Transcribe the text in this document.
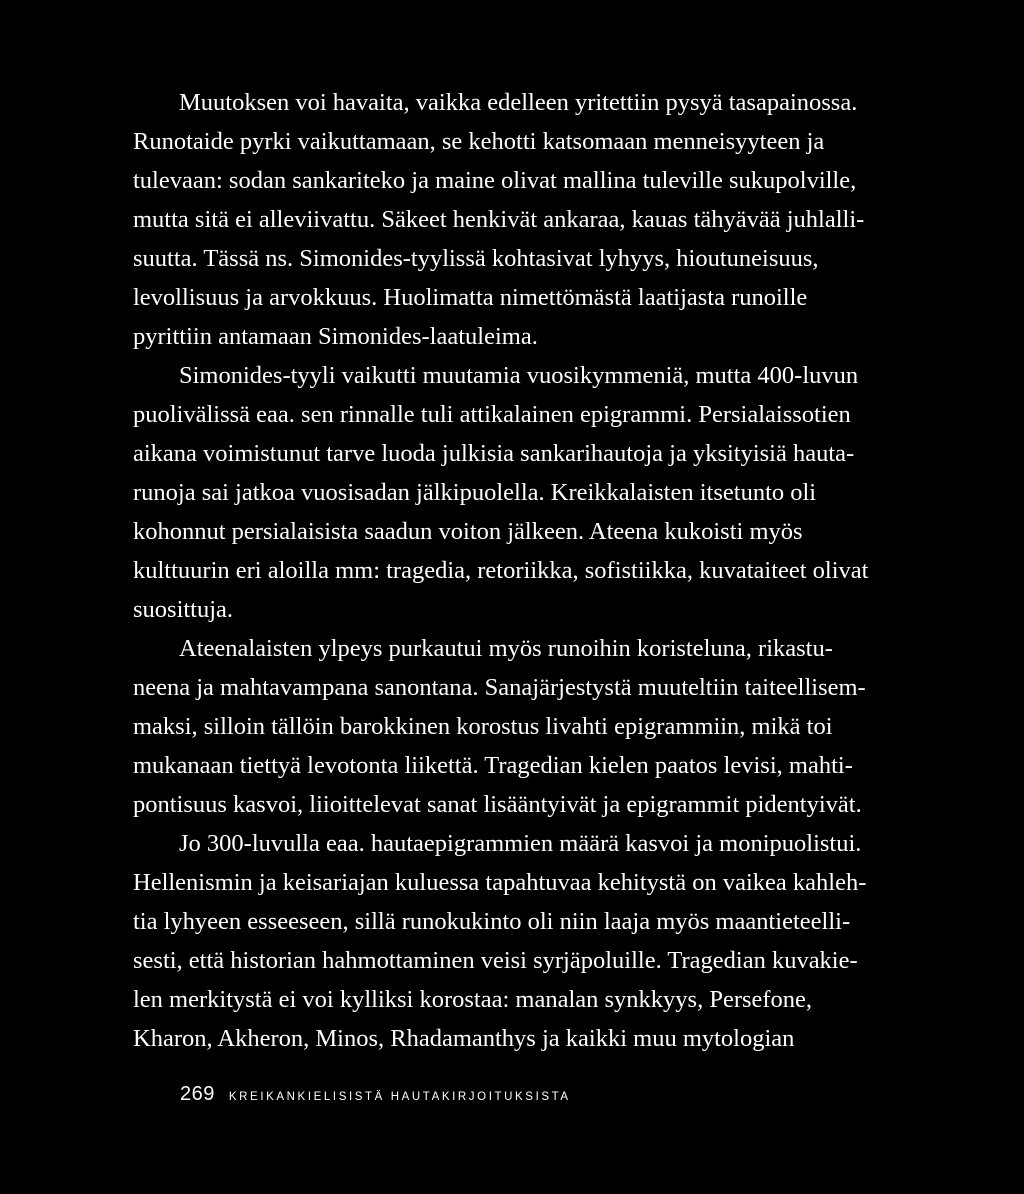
Muutoksen voi havaita, vaikka edelleen yritettiin pysyä tasapainossa.
Runotaide pyrki vaikuttamaan, se kehotti katsomaan menneisyyteen ja
tulevaan: sodan sankariteko ja maine olivat mallina tuleville sukupolville,
mutta sitä ei alleviivattu. Säkeet henkivät ankaraa, kauas tähyävää juhlalli-
suutta. Tässä ns. Simonides-tyylissä kohtasivat lyhyys, hioutuneisuus,
levollisuus ja arvokkuus. Huolimatta nimettömästä laatijasta runoille
pyrittiin antamaan Simonides-laatuleima.
Simonides-tyyli vaikutti muutamia vuosikymmeniä, mutta 400-luvun
puolivälissä eaa. sen rinnalle tuli attikalainen epigrammi. Persialaissotien
aikana voimistunut tarve luoda julkisia sankarihautoja ja yksityisiä hauta-
runoja sai jatkoa vuosisadan jälkipuolella. Kreikkalaisten itsetunto oli
kohonnut persialaisista saadun voiton jälkeen. Ateena kukoisti myös
kulttuurin eri aloilla mm: tragedia, retoriikka, sofistiikka, kuvataiteet olivat
suosittuja.
Ateenalaisten ylpeys purkautui myös runoihin koristeluna, rikastu-
neena ja mahtavampana sanontana. Sanajärjestystä muuteltiin taiteellisem-
maksi, silloin tällöin barokkinen korostus livahti epigrammiin, mikä toi
mukanaan tiettyä levotonta liikettä. Tragedian kielen paatos levisi, mahti-
pontisuus kasvoi, liioittelevat sanat lisääntyivät ja epigrammit pidentyivät.
Jo 300-luvulla eaa. hautaepigrammien määrä kasvoi ja monipuolistui.
Hellenismin ja keisariajan kuluessa tapahtuvaa kehitystä on vaikea kahleh-
tia lyhyeen esseeseen, sillä runokukinto oli niin laaja myös maantieteelli-
sesti, että historian hahmottaminen veisi syrjäpoluille. Tragedian kuvakie-
len merkitystä ei voi kylliksi korostaa: manalan synkkyys, Persefone,
Kharon, Akheron, Minos, Rhadamanthys ja kaikki muu mytologian
269 KREIKANKIELISISTÄ HAUTAKIRJOITUKSISTA
